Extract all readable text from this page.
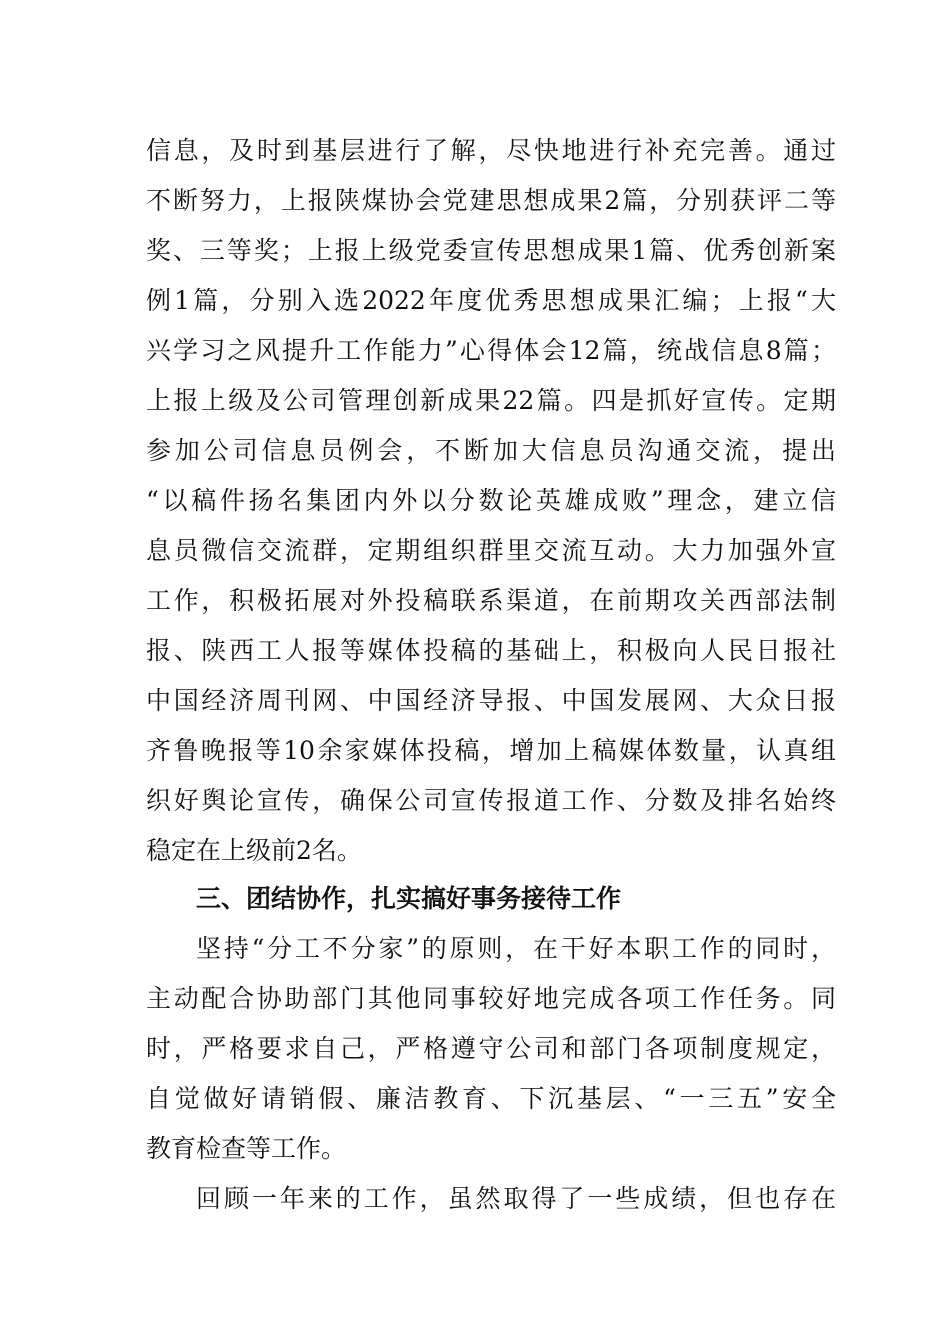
信息，及时到基层进行了解，尽快地进行补充完善。通过
不断努力，上报陕煤协会党建思想成果2篇，分别获评二等
奖、三等奖；上报上级党委宣传思想成果1篇、优秀创新案
例1篇，分别入选2022年度优秀思想成果汇编；上报“大
兴学习之风提升工作能力”心得体会12篇，统战信息8篇；
上报上级及公司管理创新成果22篇。四是抓好宣传。定期
参加公司信息员例会，不断加大信息员沟通交流，提出
“以稿件扬名集团内外以分数论英雄成败”理念，建立信
息员微信交流群，定期组织群里交流互动。大力加强外宣
工作，积极拓展对外投稿联系渠道，在前期攻关西部法制
报、陕西工人报等媒体投稿的基础上，积极向人民日报社
中国经济周刊网、中国经济导报、中国发展网、大众日报
齐鲁晚报等10余家媒体投稿，增加上稿媒体数量，认真组
织好舆论宣传，确保公司宣传报道工作、分数及排名始终
稳定在上级前2名。
三、团结协作，扎实搞好事务接待工作
坚持“分工不分家”的原则，在干好本职工作的同时，
主动配合协助部门其他同事较好地完成各项工作任务。同
时，严格要求自己，严格遵守公司和部门各项制度规定，
自觉做好请销假、廉洁教育、下沉基层、“一三五”安全
教育检查等工作。
回顾一年来的工作，虽然取得了一些成绩，但也存在
